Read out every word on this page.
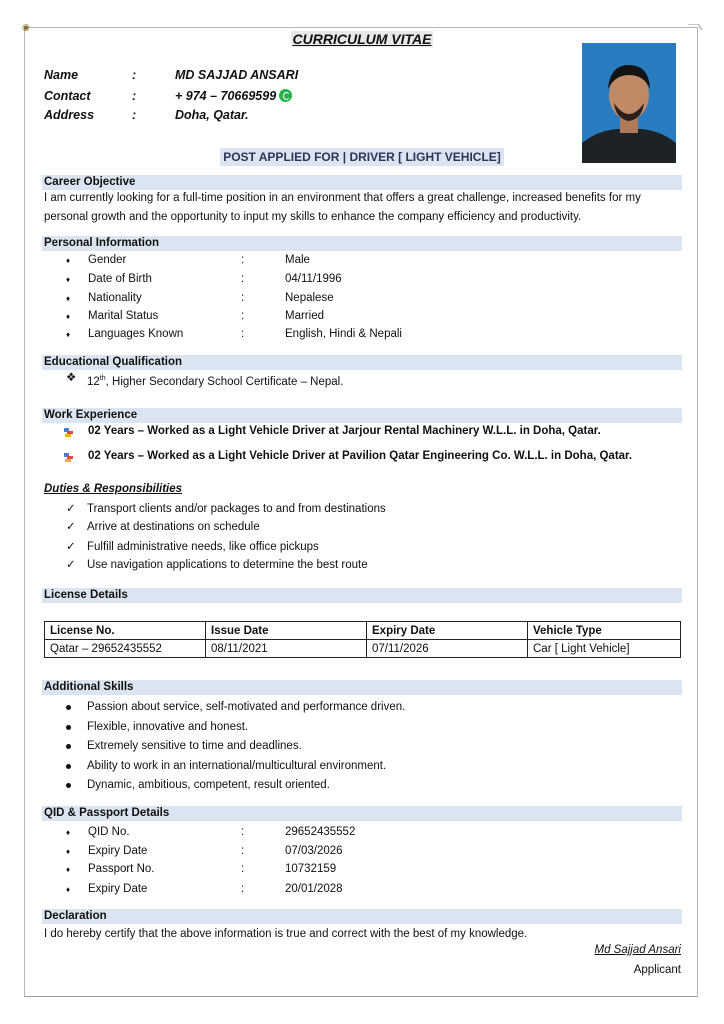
◉
CURRICULUM VITAE
Name	:	MD SAJJAD ANSARI
Contact	:	+ 974 – 70669599
Address	:	Doha, Qatar.
POST APPLIED FOR | DRIVER [ LIGHT VEHICLE]
Career Objective
I am currently looking for a full-time position in an environment that offers a great challenge, increased benefits for my personal growth and the opportunity to input my skills to enhance the company efficiency and productivity.
Personal Information
♦ Gender	:	Male
♦ Date of Birth	:	04/11/1996
♦ Nationality	:	Nepalese
♦ Marital Status	:	Married
♦ Languages Known	:	English, Hindi & Nepali
Educational Qualification
❖ 12th, Higher Secondary School Certificate – Nepal.
Work Experience
02 Years – Worked as a Light Vehicle Driver at Jarjour Rental Machinery W.L.L. in Doha, Qatar.
02 Years – Worked as a Light Vehicle Driver at Pavilion Qatar Engineering Co. W.L.L. in Doha, Qatar.
Duties & Responsibilities
✓ Transport clients and/or packages to and from destinations
✓ Arrive at destinations on schedule
✓ Fulfill administrative needs, like office pickups
✓ Use navigation applications to determine the best route
License Details
License No.	Issue Date	Expiry Date	Vehicle Type
Qatar – 29652435552	08/11/2021	07/11/2026	Car [ Light Vehicle]
Additional Skills
Passion about service, self-motivated and performance driven.
Flexible, innovative and honest.
Extremely sensitive to time and deadlines.
Ability to work in an international/multicultural environment.
Dynamic, ambitious, competent, result oriented.
QID & Passport Details
♦ QID No.	:	29652435552
♦ Expiry Date	:	07/03/2026
♦ Passport No.	:	10732159
♦ Expiry Date	:	20/01/2028
Declaration
I do hereby certify that the above information is true and correct with the best of my knowledge.
Md Sajjad Ansari
Applicant
